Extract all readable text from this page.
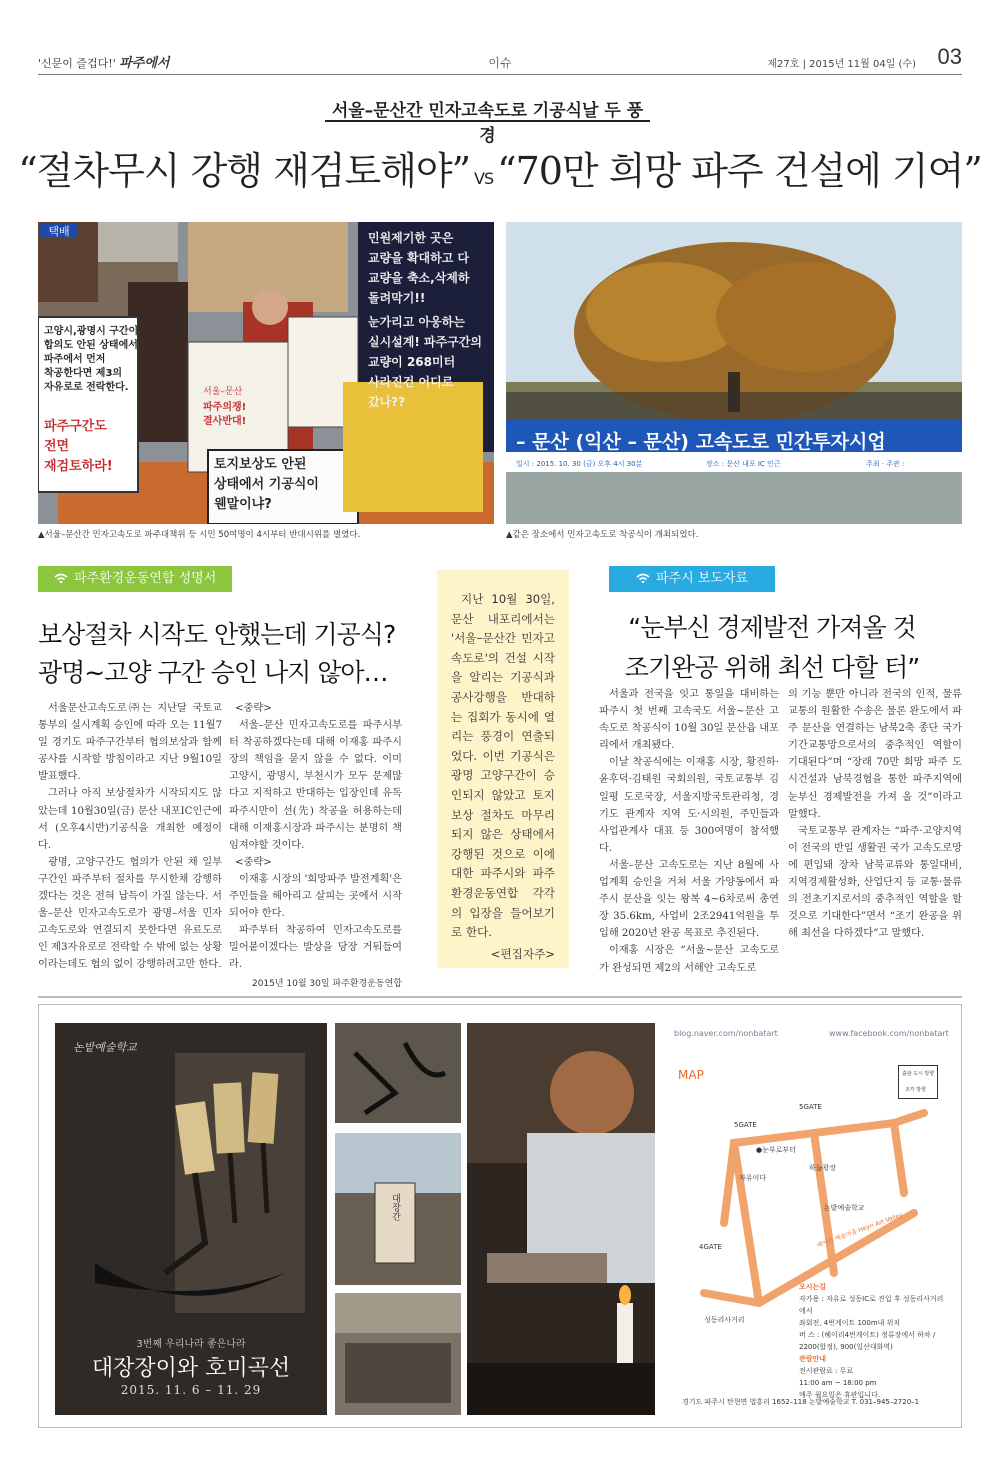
'신문이 즐겁다!' 파주에서	이슈	제27호 | 2015년 11월 04일 (수) 03
서울–문산간 민자고속도로 기공식날 두 풍경
“절차무시 강행 재검토해야” VS “70만 희망 파주 건설에 기여”
택배
고양시,광명시 구간이
합의도 안된 상태에서
파주에서 먼저
착공한다면 제3의
자유로로 전락한다.
파주구간도
전면
재검토하라!
서울–문산
파주의쟁!
결사반대!
토지보상도 안된
상태에서 기공식이
웬말이냐?
민원제기한 곳은
교량을 확대하고 다
교량을 축소,삭제하
돌려막기!!
눈가리고 아웅하는
실시설계! 파주구간의
교량이 268미터
사라진건 어디로
갔나??
▲서울–문산간 민자고속도로 파주대책위 등 시민 50여명이 4시부터 반대시위를 벌였다.
– 문산 (익산 – 문산) 고속도로 민간투자시업
일시 : 2015. 10. 30 (금) 오후 4시 30분	장소 : 문산 내포 IC 인근	주최 · 주관 :
▲같은 장소에서 민자고속도로 착공식이 개최되었다.
파주환경운동연합 성명서
보상절차 시작도 안했는데 기공식?
광명~고양 구간 승인 나지 않아…

서울문산고속도로㈜는 지난달 국토교통부의 실시계획 승인에 따라 오는 11월7일 경기도 파주구간부터 협의보상과 함께 공사를 시작할 방침이라고 지난 9월10일 발표했다.

그러나 아직 보상절차가 시작되지도 않았는데 10월30일(금) 문산 내포IC인근에서 (오후4시반)기공식을 개최한 예정이다.

광명, 고양구간도 협의가 안된 채 일부 구간인 파주부터 절차를 무시한채 강행하겠다는 것은 전혀 납득이 가질 않는다. 서울–문산 민자고속도로가 광명–서울 민자고속도로와 연결되지 못한다면 유료도로인 제3자유로로 전락할 수 밖에 없는 상황이라는데도 협의 없이 강행하려고만 한다.

<중략>

서울–문산 민자고속도로를 파주시부터 착공하겠다는데 대해 이재홍 파주시장의 책임을 묻지 않을 수 없다. 이미 고양시, 광명시, 부천시가 모두 문제많다고 지적하고 반대하는 입장인데 유독 파주시만이 선(先) 착공을 허용하는데 대해 이재홍시장과 파주시는 분명히 책임져야할 것이다.

<중략>

이재홍 시장의 '희망파주 발전계획'은 주민들을 헤아리고 살피는 곳에서 시작되어야 한다.

파주부터 착공하여 민자고속도로를 밀어붙이겠다는 발상을 당장 거둬들여라.

2015년 10월 30일 파주환경운동연합

지난 10월 30일, 문산 내포리에서는 '서울–문산간 민자고속도로'의 건설 시작을 알리는 기공식과 공사강행을 반대하는 집회가 동시에 열리는 풍경이 연출되었다. 이번 기공식은 광명 고양구간이 승인되지 않았고 토지보상 절차도 마무리 되지 않은 상태에서 강행된 것으로 이에 대한 파주시와 파주환경운동연합 각각의 입장을 들어보기로 한다.

<편집자주>
파주시 보도자료
“눈부신 경제발전 가져올 것
조기완공 위해 최선 다할 터”

서울과 전국을 잇고 통일을 대비하는 파주시 첫 번째 고속국도 서울~문산 고속도로 착공식이 10월 30일 문산읍 내포리에서 개최됐다.

이날 착공식에는 이재홍 시장, 황진하·윤후덕·김태원 국회의원, 국토교통부 김일평 도로국장, 서울지방국토관리청, 경기도 관계자 지역 도·시의원, 주민들과 사업관계사 대표 등 300여명이 참석했다.

서울–문산 고속도로는 지난 8월에 사업계획 승인을 거쳐 서울 가양동에서 파주시 문산을 잇는 왕복 4~6차로써 총연장 35.6km, 사업비 2조2941억원을 투입해 2020년 완공 목표로 추진된다.

이재홍 시장은 “서울~문산 고속도로가 완성되면 제2의 서해안 고속도로

의 기능 뿐만 아니라 전국의 인적, 물류교통의 원활한 수송은 물론 완도에서 파주 문산을 연결하는 남북2축 종단 국가기간교통망으로서의 중추적인 역할이 기대된다”며 “장래 70만 희망 파주 도시건설과 남북경협을 통한 파주지역에 눈부신 경제발전을 가져 올 것”이라고 말했다.

국토교통부 관계자는 “파주·고양지역이 전국의 반일 생활권 국가 고속도로망에 편입돼 장차 남북교류와 통일대비, 지역경제활성화, 산업단지 등 교통·물류의 전초기지로서의 중추적인 역할을 할 것으로 기대한다”면서 “조기 완공을 위해 최선을 다하겠다”고 말했다.

논밭예술학교
3번째 우리나라 좋은나라
대장장이와 호미곡선
2015. 11. 6 – 11. 29
대장간
blog.naver.com/nonbatart	www.facebook.com/nonbatart
MAP	출판 도시 방향
조각 방향
5GATE
5GATE
●눈부로부터
하늘광장
자유이다
논밭예술학교
헤이리 예술마을 Heyri Art Valley
4GATE
성동리사거리
오시는길
자가용 : 자유로 성동IC로 진입 후 성동리사거리에서
좌회전, 4번게이트 100m내 위치
버 스 : (헤이리4번게이트) 정류장에서 하차 /
2200(합정), 900(일산대화역)
관람안내
전시관람료 : 무료
11:00 am ~ 18:00 pm
매주 월요일은 휴관입니다.
경기도 파주시 탄현면 법흥리 1652–118 논밭예술학교 T. 031–945–2720–1
